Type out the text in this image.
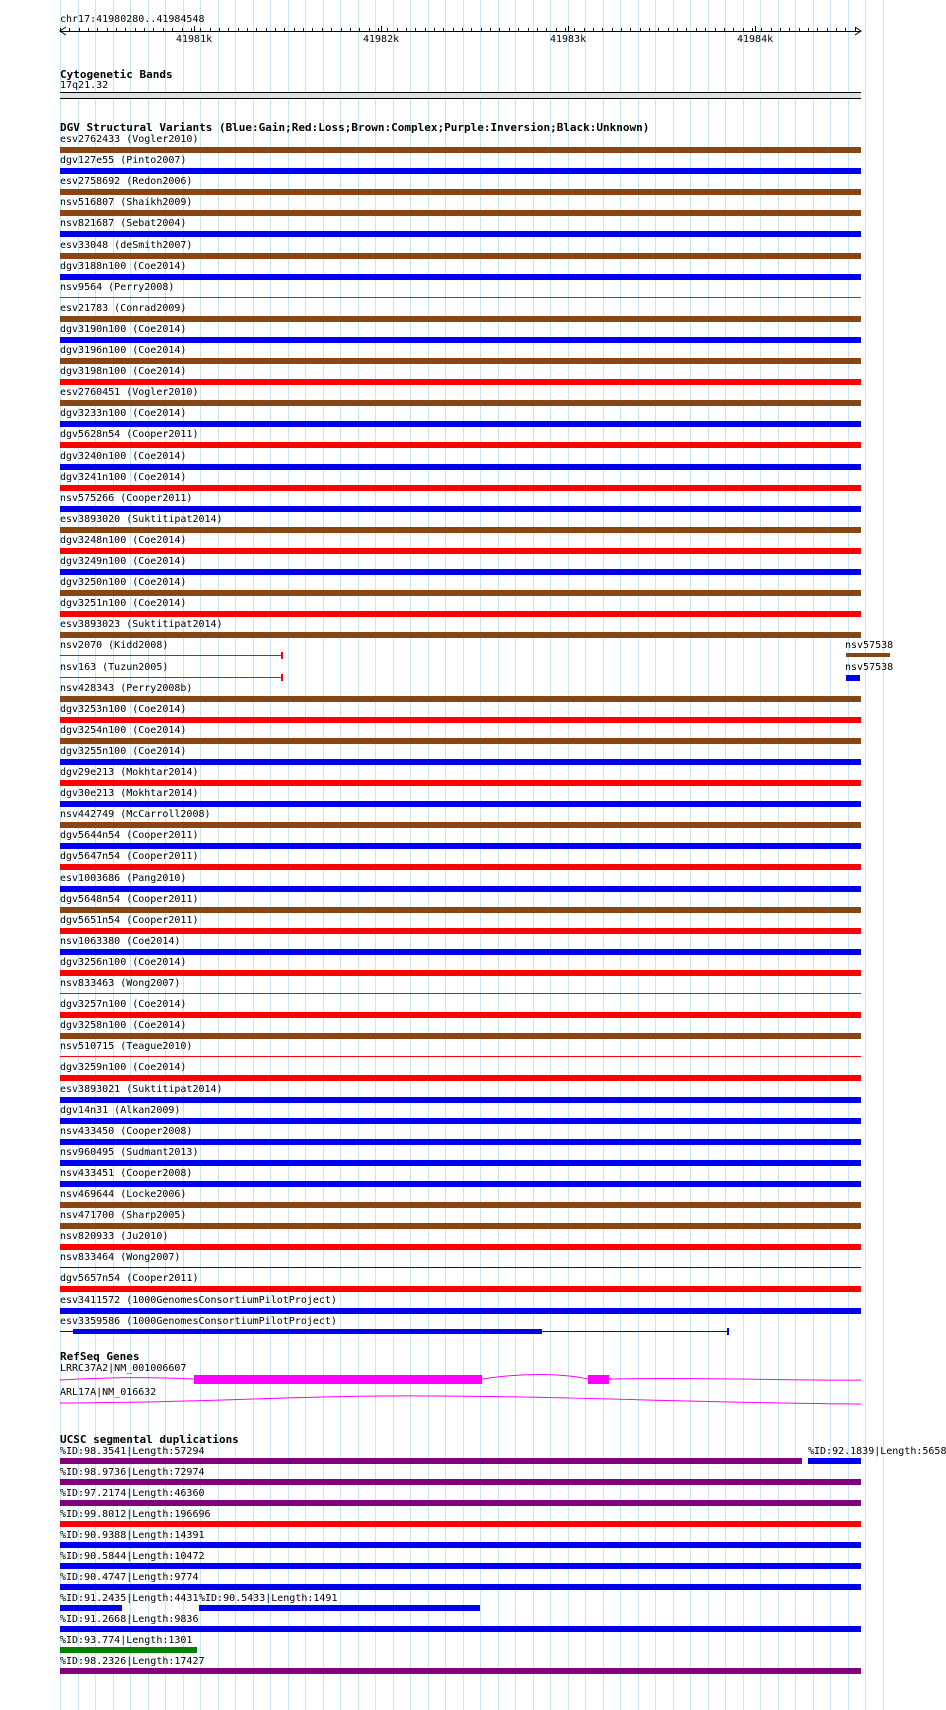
chr17:41980280..41984548
41981k	41982k	41983k	41984k
Cytogenetic Bands
17q21.32
DGV Structural Variants (Blue:Gain;Red:Loss;Brown:Complex;Purple:Inversion;Black:Unknown)
esv2762433 (Vogler2010)
dgv127e55 (Pinto2007)
esv2758692 (Redon2006)
nsv516807 (Shaikh2009)
nsv821687 (Sebat2004)
esv33048 (deSmith2007)
dgv3188n100 (Coe2014)
nsv9564 (Perry2008)
esv21783 (Conrad2009)
dgv3190n100 (Coe2014)
dgv3196n100 (Coe2014)
dgv3198n100 (Coe2014)
esv2760451 (Vogler2010)
dgv3233n100 (Coe2014)
dgv5628n54 (Cooper2011)
dgv3240n100 (Coe2014)
dgv3241n100 (Coe2014)
nsv575266 (Cooper2011)
esv3893020 (Suktitipat2014)
dgv3248n100 (Coe2014)
dgv3249n100 (Coe2014)
dgv3250n100 (Coe2014)
dgv3251n100 (Coe2014)
esv3893023 (Suktitipat2014)
nsv2070 (Kidd2008)
nsv163 (Tuzun2005)
nsv428343 (Perry2008b)
dgv3253n100 (Coe2014)
dgv3254n100 (Coe2014)
dgv3255n100 (Coe2014)
dgv29e213 (Mokhtar2014)
dgv30e213 (Mokhtar2014)
nsv442749 (McCarroll2008)
dgv5644n54 (Cooper2011)
dgv5647n54 (Cooper2011)
esv1003686 (Pang2010)
dgv5648n54 (Cooper2011)
dgv5651n54 (Cooper2011)
nsv1063380 (Coe2014)
dgv3256n100 (Coe2014)
nsv833463 (Wong2007)
dgv3257n100 (Coe2014)
dgv3258n100 (Coe2014)
nsv510715 (Teague2010)
dgv3259n100 (Coe2014)
esv3893021 (Suktitipat2014)
dgv14n31 (Alkan2009)
nsv433450 (Cooper2008)
nsv960495 (Sudmant2013)
nsv433451 (Cooper2008)
nsv469644 (Locke2006)
nsv471700 (Sharp2005)
nsv820933 (Ju2010)
nsv833464 (Wong2007)
dgv5657n54 (Cooper2011)
esv3411572 (1000GenomesConsortiumPilotProject)
esv3359586 (1000GenomesConsortiumPilotProject)
nsv57538
nsv57538
RefSeq Genes
LRRC37A2|NM_001006607
ARL17A|NM_016632
UCSC segmental duplications
%ID:98.3541|Length:57294
%ID:98.9736|Length:72974
%ID:97.2174|Length:46360
%ID:99.8012|Length:196696
%ID:90.9388|Length:14391
%ID:90.5844|Length:10472
%ID:90.4747|Length:9774
%ID:91.2435|Length:4431
%ID:91.2668|Length:9836
%ID:93.774|Length:1301
%ID:98.2326|Length:17427
%ID:92.1839|Length:5658
%ID:90.5433|Length:1491
